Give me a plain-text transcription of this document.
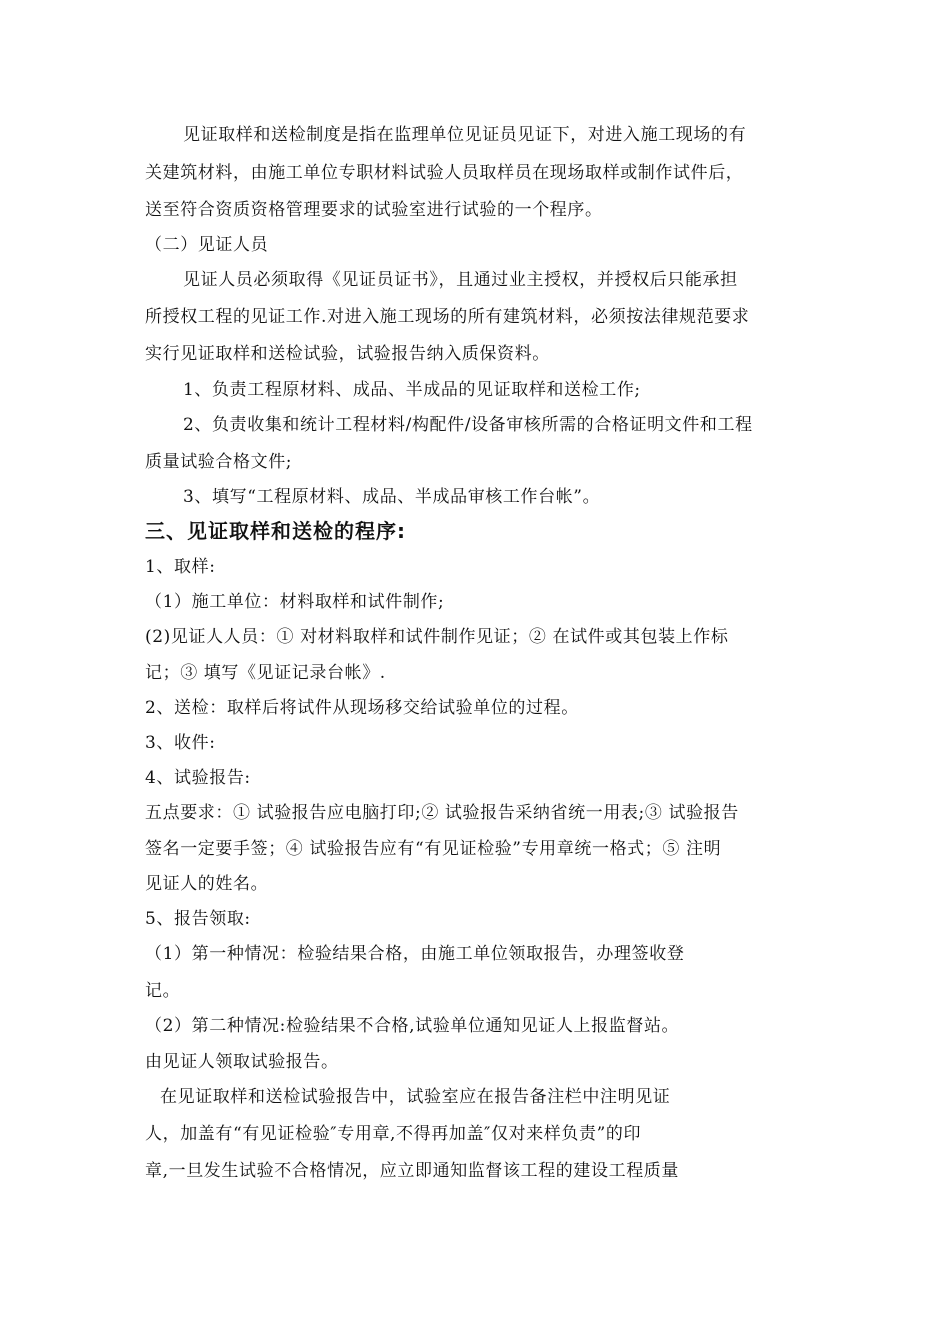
见证取样和送检制度是指在监理单位见证员见证下，对进入施工现场的有
关建筑材料，由施工单位专职材料试验人员取样员在现场取样或制作试件后，
送至符合资质资格管理要求的试验室进行试验的一个程序。
（二）见证人员
见证人员必须取得《见证员证书》，且通过业主授权，并授权后只能承担
所授权工程的见证工作.对进入施工现场的所有建筑材料，必须按法律规范要求
实行见证取样和送检试验，试验报告纳入质保资料。
1、负责工程原材料、成品、半成品的见证取样和送检工作;
2、负责收集和统计工程材料/构配件/设备审核所需的合格证明文件和工程
质量试验合格文件;
3、填写“工程原材料、成品、半成品审核工作台帐”。
三、见证取样和送检的程序:
1、取样:
（1）施工单位：材料取样和试件制作;
(2)见证人人员：① 对材料取样和试件制作见证；② 在试件或其包装上作标
记；③ 填写《见证记录台帐》.
2、送检：取样后将试件从现场移交给试验单位的过程。
3、收件:
4、试验报告:
五点要求：① 试验报告应电脑打印;② 试验报告采纳省统一用表;③ 试验报告
签名一定要手签；④ 试验报告应有“有见证检验”专用章统一格式；⑤ 注明
见证人的姓名。
5、报告领取:
（1）第一种情况：检验结果合格，由施工单位领取报告，办理签收登
记。
（2）第二种情况:检验结果不合格,试验单位通知见证人上报监督站。
由见证人领取试验报告。
在见证取样和送检试验报告中，试验室应在报告备注栏中注明见证
人，加盖有“有见证检验″专用章,不得再加盖″仅对来样负责”的印
章,一旦发生试验不合格情况，应立即通知监督该工程的建设工程质量
